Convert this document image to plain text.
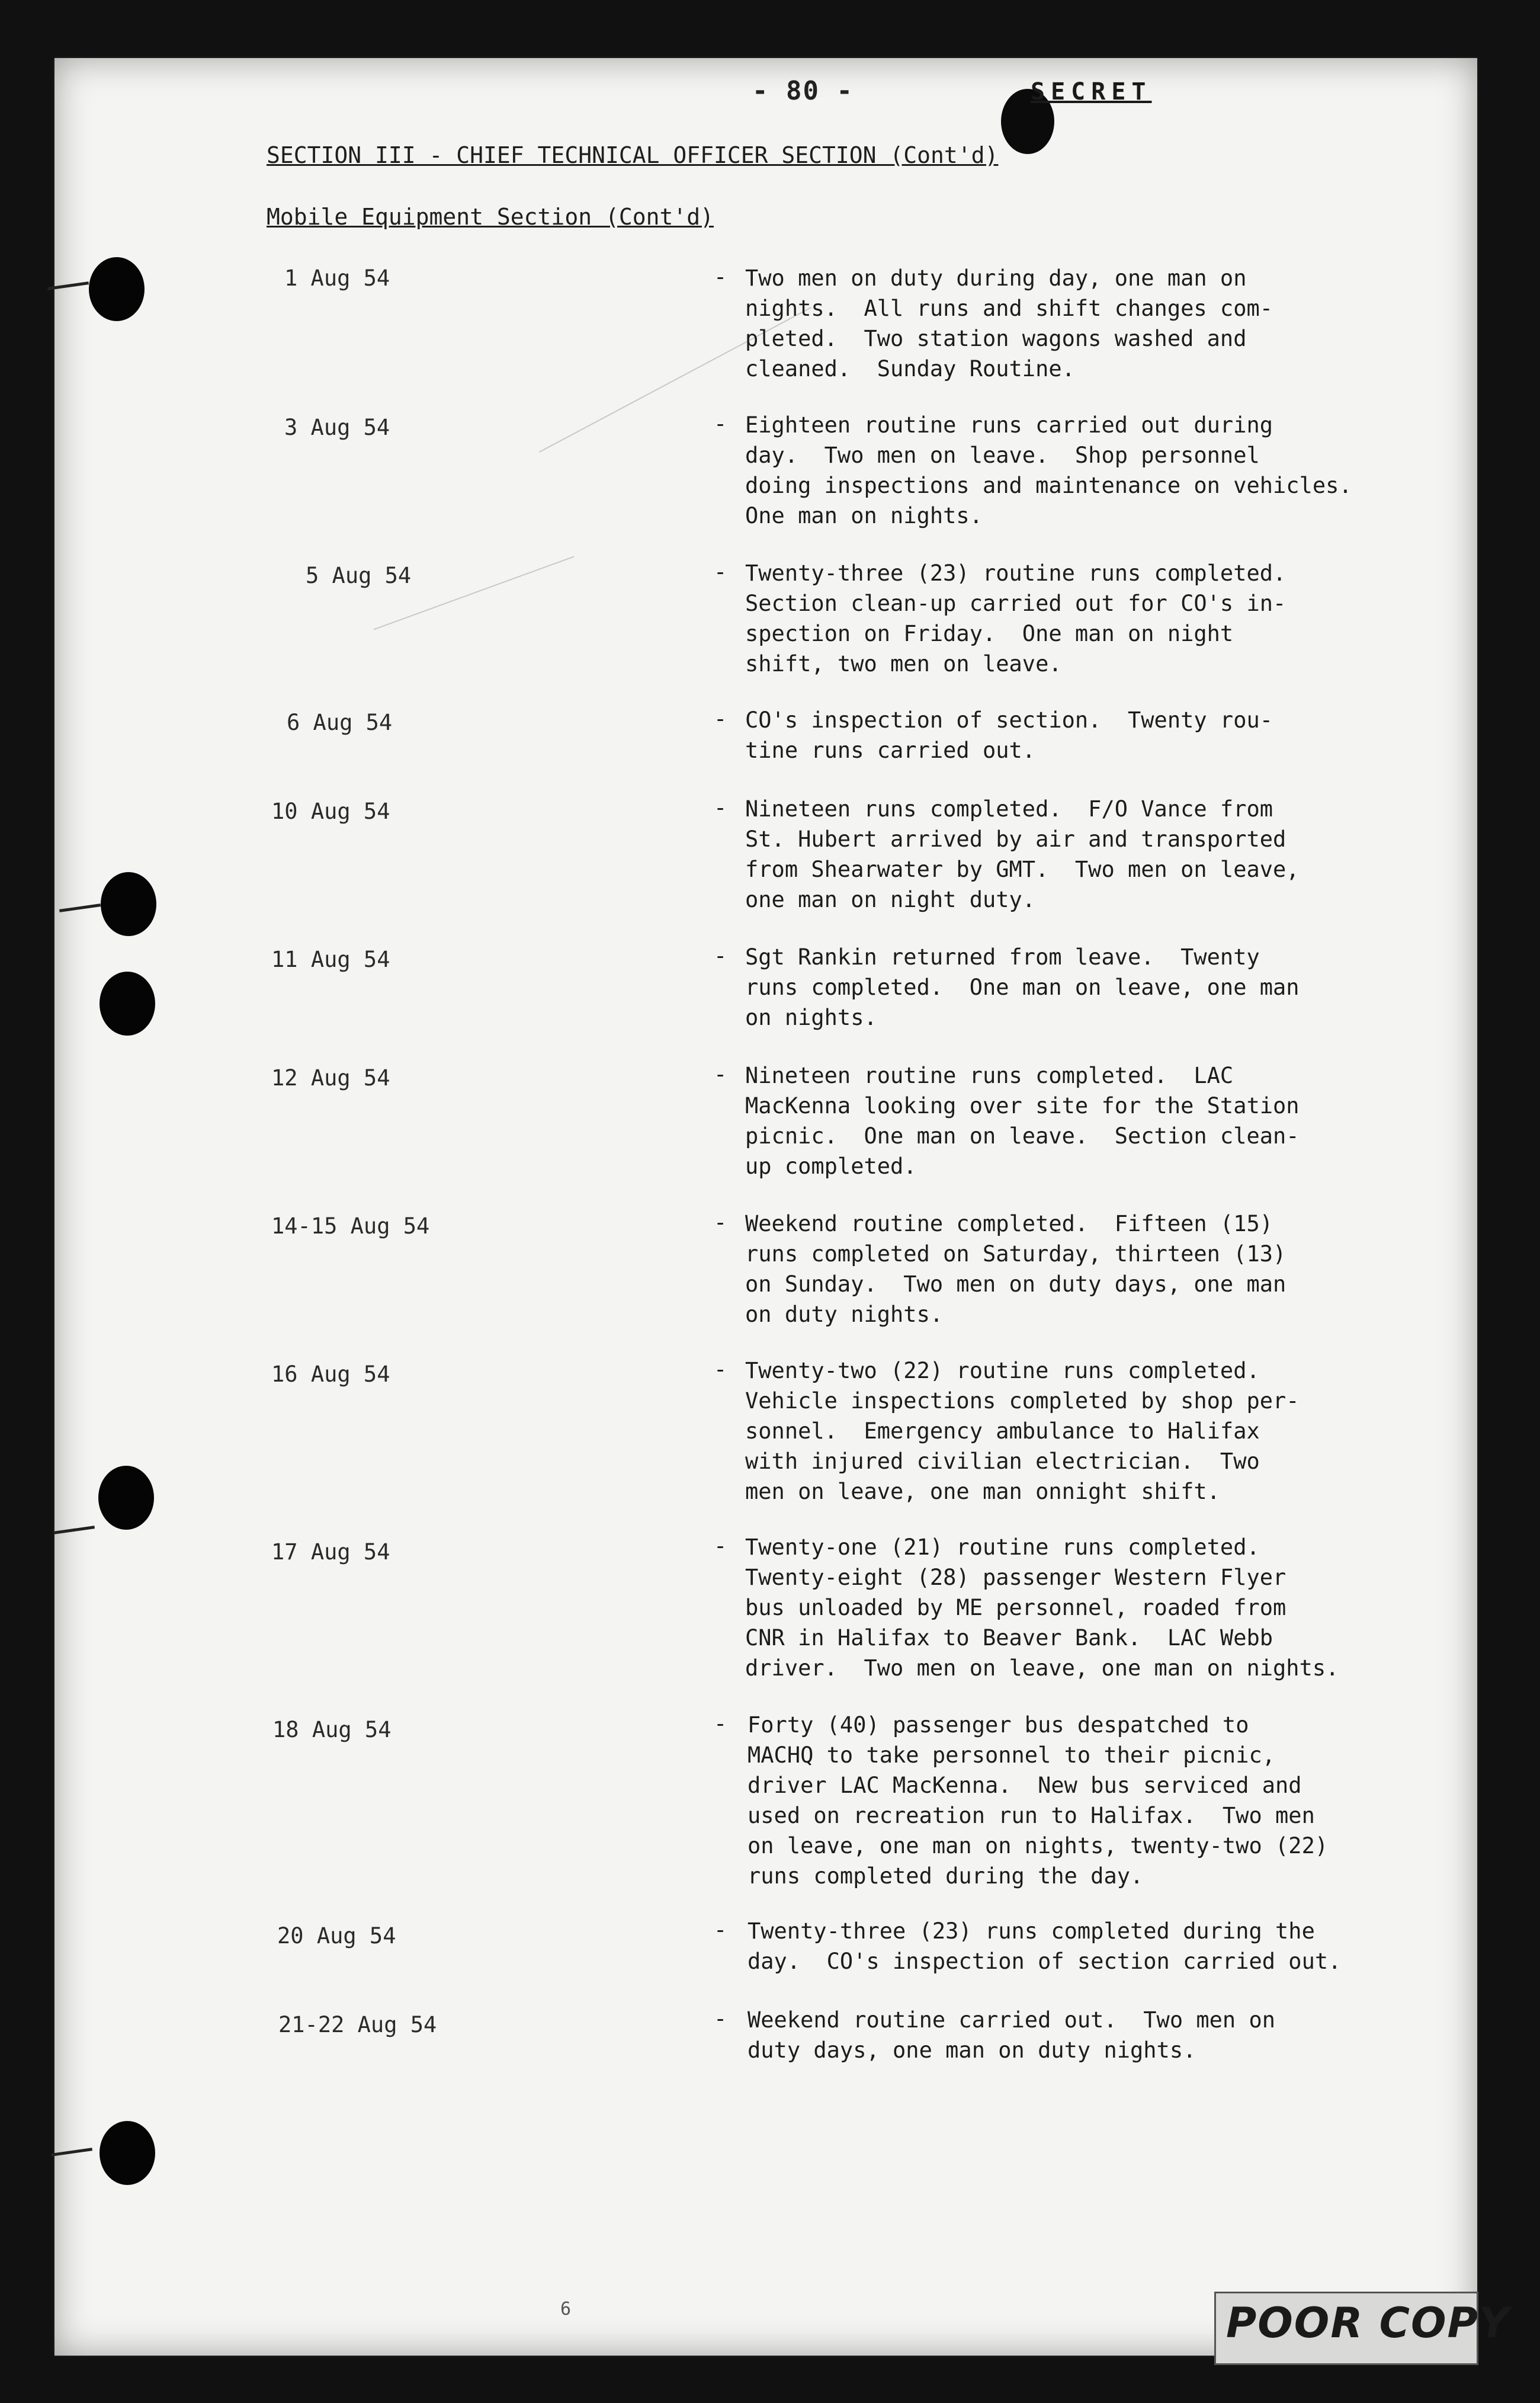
- 80 -	SECRET
SECTION III - CHIEF TECHNICAL OFFICER SECTION (Cont'd)
Mobile Equipment Section (Cont'd)
1 Aug 54	- Two men on duty during day, one man on
nights.  All runs and shift changes com-
pleted.  Two station wagons washed and
cleaned.  Sunday Routine.
3 Aug 54	- Eighteen routine runs carried out during
day.  Two men on leave.  Shop personnel
doing inspections and maintenance on vehicles.
One man on nights.
5 Aug 54	- Twenty-three (23) routine runs completed.
Section clean-up carried out for CO's in-
spection on Friday.  One man on night
shift, two men on leave.
6 Aug 54	- CO's inspection of section.  Twenty rou-
tine runs carried out.
10 Aug 54	- Nineteen runs completed.  F/O Vance from
St. Hubert arrived by air and transported
from Shearwater by GMT.  Two men on leave,
one man on night duty.
11 Aug 54	- Sgt Rankin returned from leave.  Twenty
runs completed.  One man on leave, one man
on nights.
12 Aug 54	- Nineteen routine runs completed.  LAC
MacKenna looking over site for the Station
picnic.  One man on leave.  Section clean-
up completed.
14-15 Aug 54	- Weekend routine completed.  Fifteen (15)
runs completed on Saturday, thirteen (13)
on Sunday.  Two men on duty days, one man
on duty nights.
16 Aug 54	- Twenty-two (22) routine runs completed.
Vehicle inspections completed by shop per-
sonnel.  Emergency ambulance to Halifax
with injured civilian electrician.  Two
men on leave, one man onnight shift.
17 Aug 54	- Twenty-one (21) routine runs completed.
Twenty-eight (28) passenger Western Flyer
bus unloaded by ME personnel, roaded from
CNR in Halifax to Beaver Bank.  LAC Webb
driver.  Two men on leave, one man on nights.
18 Aug 54	- Forty (40) passenger bus despatched to
MACHQ to take personnel to their picnic,
driver LAC MacKenna.  New bus serviced and
used on recreation run to Halifax.  Two men
on leave, one man on nights, twenty-two (22)
runs completed during the day.
20 Aug 54	- Twenty-three (23) runs completed during the
day.  CO's inspection of section carried out.
21-22 Aug 54	- Weekend routine carried out.  Two men on
duty days, one man on duty nights.
6	POOR COPY
